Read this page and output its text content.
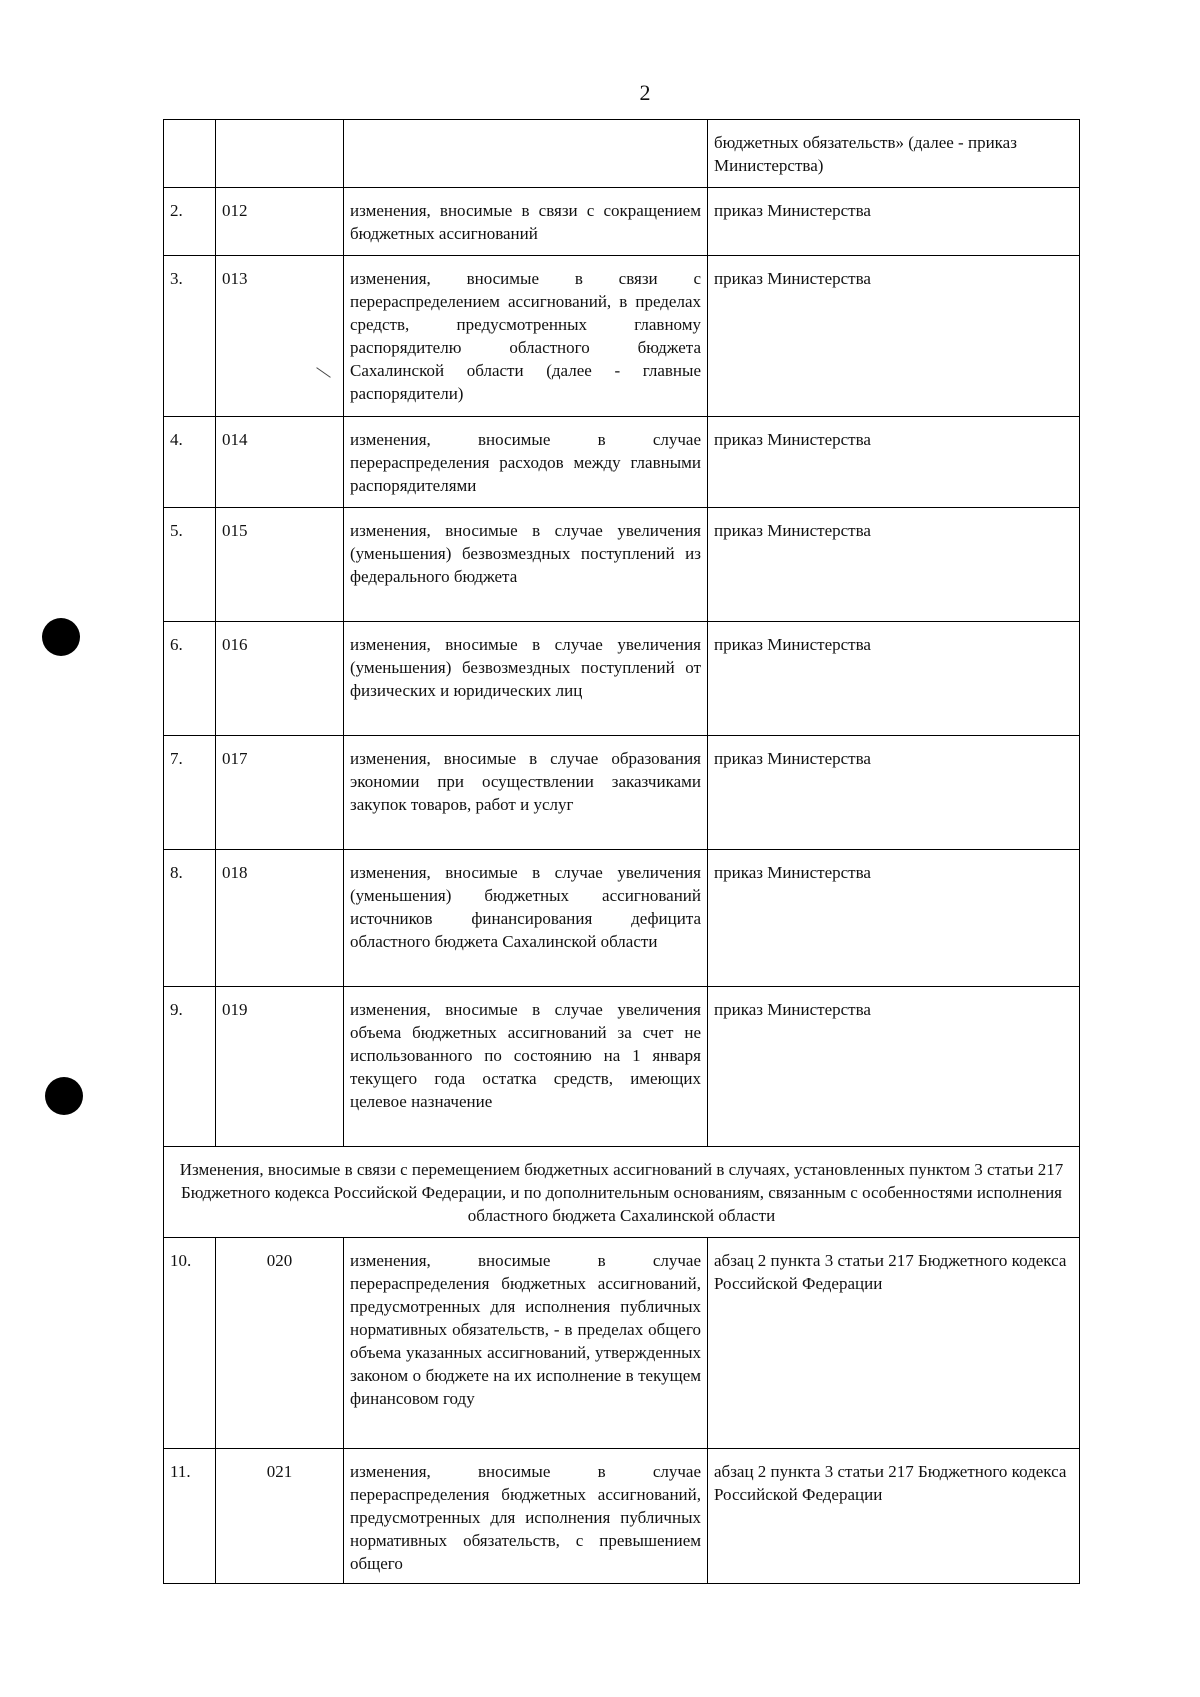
2
			бюджетных обязательств» (далее - приказ Министерства)
2.	012	изменения, вносимые в связи с сокращением бюджетных ассигнований	приказ Министерства
3.	013	изменения, вносимые в связи с перераспределением ассигнований, в пределах средств, предусмотренных главному распорядителю областного бюджета Сахалинской области (далее - главные распорядители)	приказ Министерства
4.	014	изменения, вносимые в случае перераспределения расходов между главными распорядителями	приказ Министерства
5.	015	изменения, вносимые в случае увеличения (уменьшения) безвозмездных поступлений из федерального бюджета	приказ Министерства
6.	016	изменения, вносимые в случае увеличения (уменьшения) безвозмездных поступлений от физических и юридических лиц	приказ Министерства
7.	017	изменения, вносимые в случае образования экономии при осуществлении заказчиками закупок товаров, работ и услуг	приказ Министерства
8.	018	изменения, вносимые в случае увеличения (уменьшения) бюджетных ассигнований источников финансирования дефицита областного бюджета Сахалинской области	приказ Министерства
9.	019	изменения, вносимые в случае увеличения объема бюджетных ассигнований за счет не использованного по состоянию на 1 января текущего года остатка средств, имеющих целевое назначение	приказ Министерства
Изменения, вносимые в связи с перемещением бюджетных ассигнований в случаях, установленных пунктом 3 статьи 217 Бюджетного кодекса Российской Федерации, и по дополнительным основаниям, связанным с особенностями исполнения областного бюджета Сахалинской области			
10.	020	изменения, вносимые в случае перераспределения бюджетных ассигнований, предусмотренных для исполнения публичных нормативных обязательств, - в пределах общего объема указанных ассигнований, утвержденных законом о бюджете на их исполнение в текущем финансовом году	абзац 2 пункта 3 статьи 217 Бюджетного кодекса Российской Федерации
11.	021	изменения, вносимые в случае перераспределения бюджетных ассигнований, предусмотренных для исполнения публичных нормативных обязательств, с превышением общего	абзац 2 пункта 3 статьи 217 Бюджетного кодекса Российской Федерации
